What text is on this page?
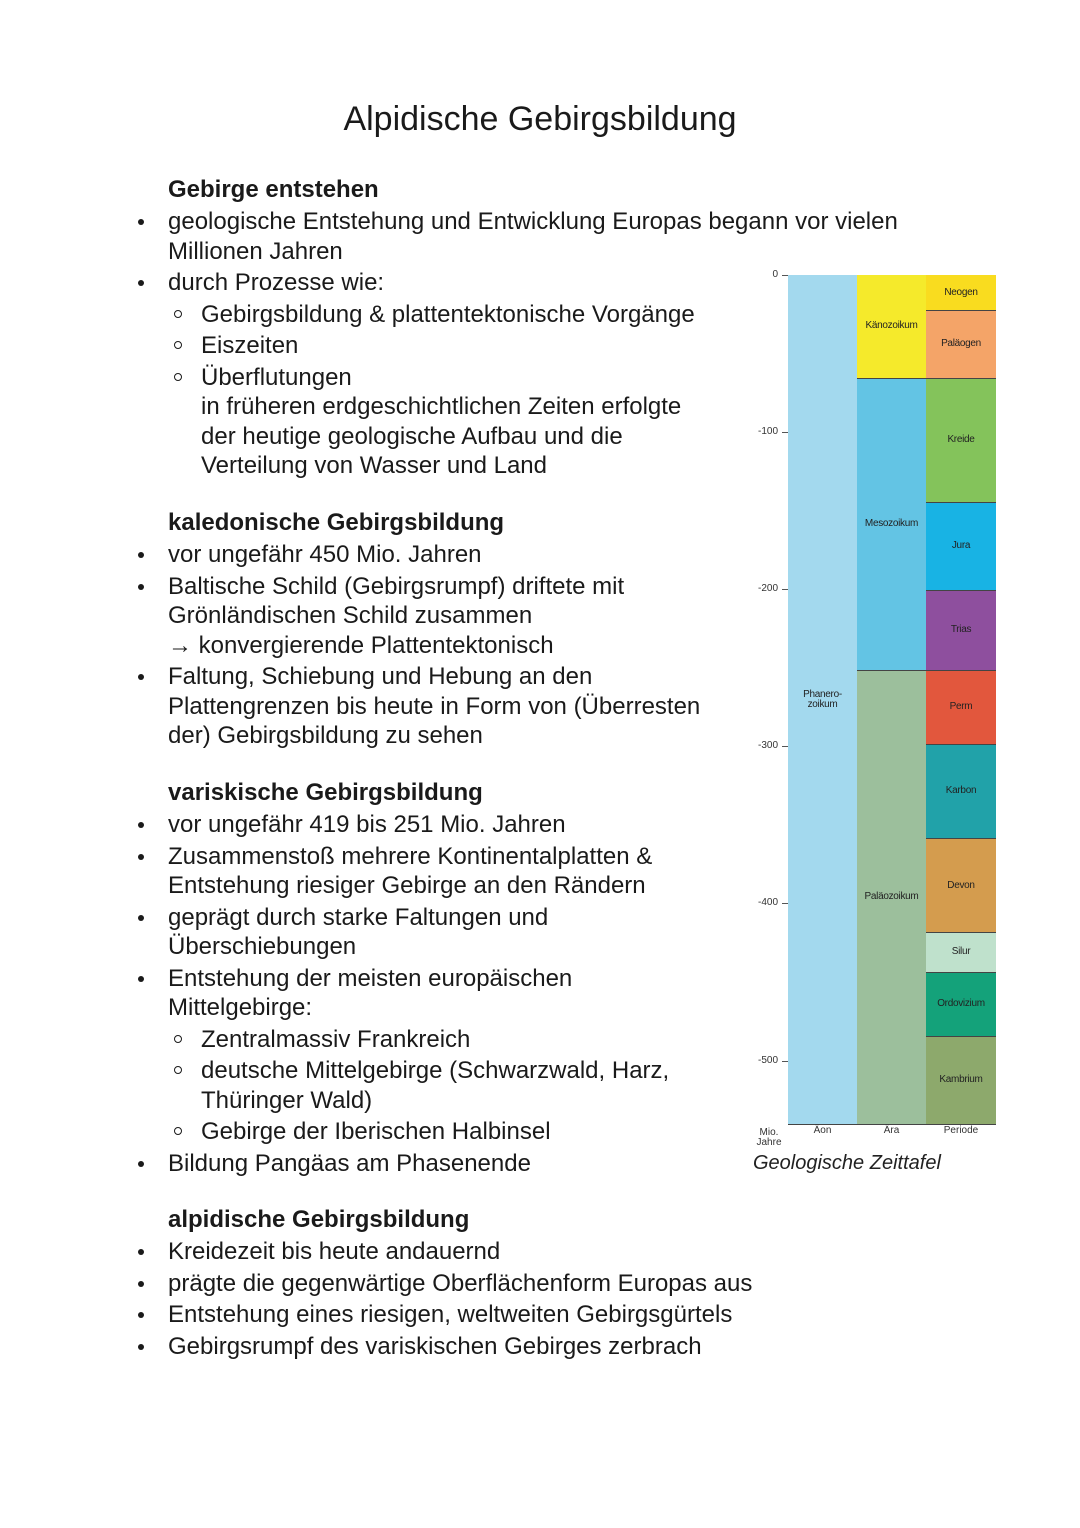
Alpidische Gebirgsbildung
Gebirge entstehen
geologische Entstehung und Entwicklung Europas begann vor vielen Millionen Jahren
durch Prozesse wie:
Gebirgsbildung & plattentektonische Vorgänge
Eiszeiten
Überflutungen
in früheren erdgeschichtlichen Zeiten erfolgte
der heutige geologische Aufbau und die
Verteilung von Wasser und Land
kaledonische Gebirgsbildung
vor ungefähr 450 Mio. Jahren
Baltische Schild (Gebirgsrumpf) driftete mit
Grönländischen Schild zusammen
→ konvergierende Plattentektonisch
Faltung, Schiebung und Hebung an den
Plattengrenzen bis heute in Form von (Überresten
der) Gebirgsbildung zu sehen
variskische Gebirgsbildung
vor ungefähr 419 bis 251 Mio. Jahren
Zusammenstoß mehrere Kontinentalplatten &
Entstehung riesiger Gebirge an den Rändern
geprägt durch starke Faltungen und
Überschiebungen
Entstehung der meisten europäischen
Mittelgebirge:
Zentralmassiv Frankreich
deutsche Mittelgebirge (Schwarzwald, Harz,
Thüringer Wald)
Gebirge der Iberischen Halbinsel
Bildung Pangäas am Phasenende
alpidische Gebirgsbildung
Kreidezeit bis heute andauernd
prägte die gegenwärtige Oberflächenform Europas aus
Entstehung eines riesigen, weltweiten Gebirgsgürtels
Gebirgsrumpf des variskischen Gebirges zerbrach
Phanero-
zoikum
Känozoikum
Mesozoikum
Paläozoikum
Neogen
Paläogen
Kreide
Jura
Trias
Perm
Karbon
Devon
Silur
Ordovizium
Kambrium
Mio.
Jahre
Äon	Ära	Periode
0
-100
-200
-300
-400
-500
Geologische Zeittafel
